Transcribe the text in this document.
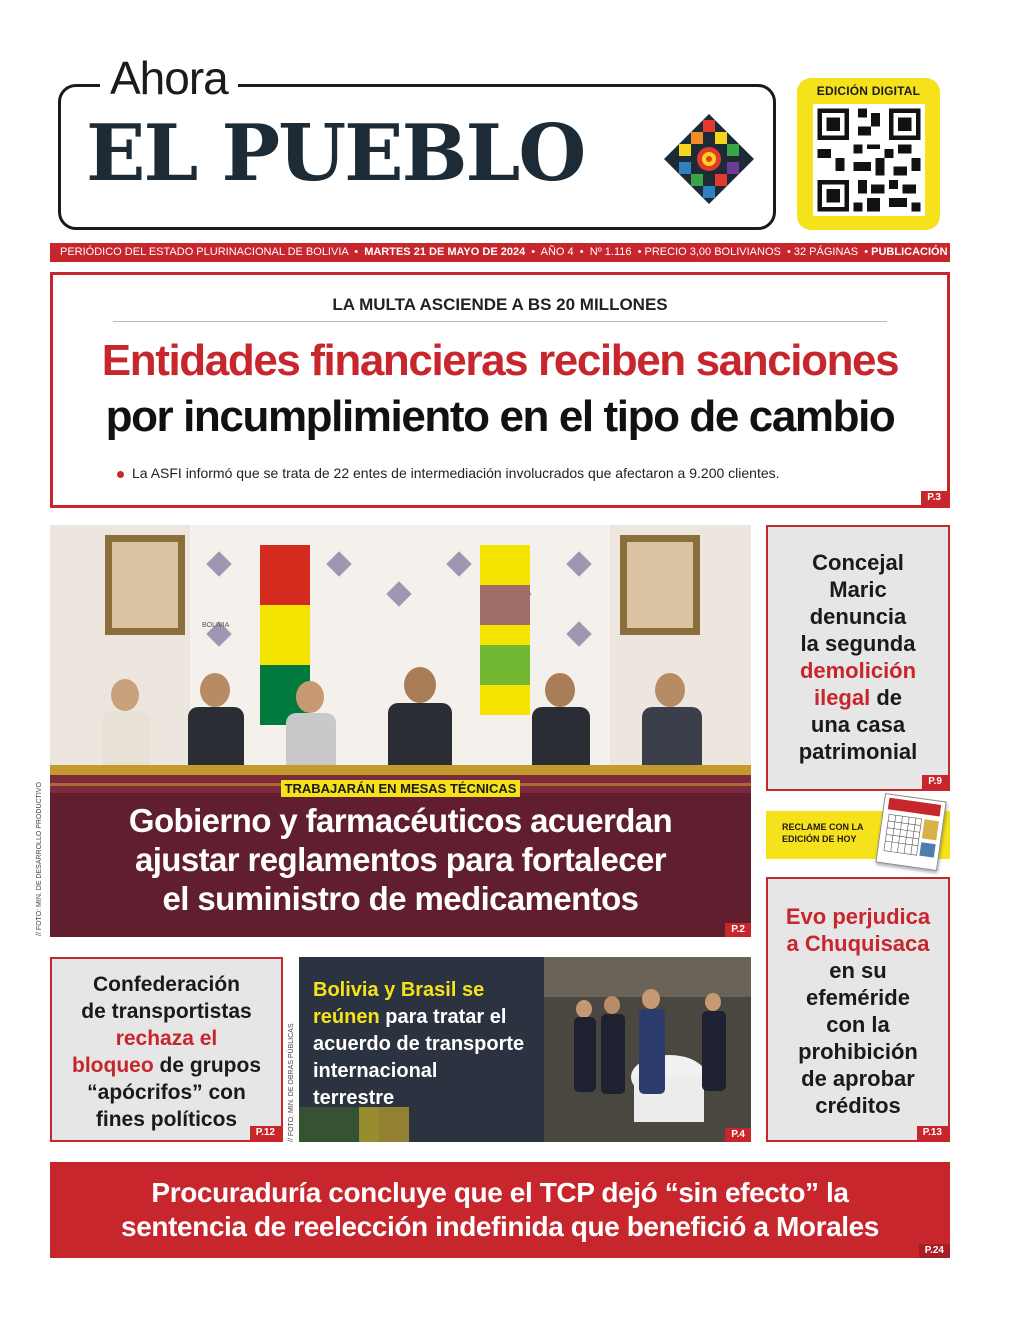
Ahora
EL PUEBLO
EDICIÓN DIGITAL
PERIÓDICO DEL ESTADO PLURINACIONAL DE BOLIVIA  •  MARTES 21 DE MAYO DE 2024  •  AÑO 4  •  Nº 1.116  • PRECIO 3,00 BOLIVIANOS  • 32 PÁGINAS  • PUBLICACIÓN NACIONAL
LA MULTA ASCIENDE A BS 20 MILLONES
Entidades financieras reciben sanciones
por incumplimiento en el tipo de cambio
La ASFI informó que se trata de 22 entes de intermediación involucrados que afectaron a 9.200 clientes.
P.3
BOLIVIA
TRABAJARÁN EN MESAS TÉCNICAS
Gobierno y farmacéuticos acuerdan
ajustar reglamentos para fortalecer
el suministro de medicamentos
P.2
// FOTO: MIN. DE DESARROLLO PRODUCTIVO
Concejal
Maric
denuncia
la segunda
demolición
ilegal de
una casa
patrimonial
P.9
RECLAME CON LA
EDICIÓN DE HOY
Evo perjudica
a Chuquisaca
en su
efeméride
con la
prohibición
de aprobar
créditos
P.13
Confederación
de transportistas
rechaza el
bloqueo de grupos
“apócrifos” con
fines políticos
P.12
Bolivia y Brasil se
reúnen para tratar el
acuerdo de transporte
internacional
terrestre
P.4
// FOTO: MIN. DE OBRAS PÚBLICAS
Procuraduría concluye que el TCP dejó “sin efecto” la
sentencia de reelección indefinida que benefició a Morales
P.24
